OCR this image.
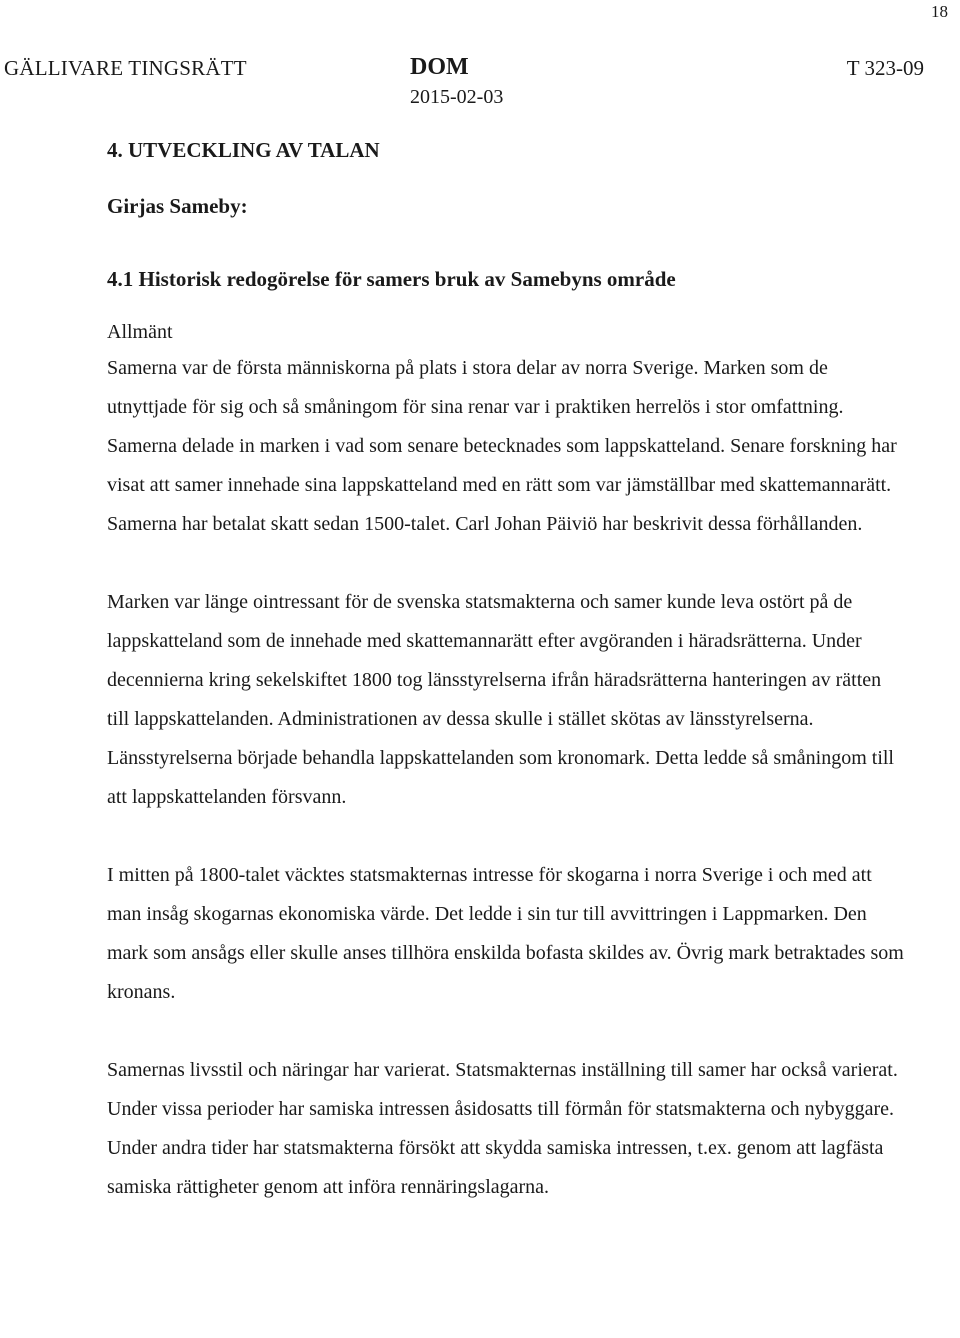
18
GÄLLIVARE TINGSRÄTT	DOM
2015-02-03
T 323-09
4. UTVECKLING AV TALAN
Girjas Sameby:
4.1 Historisk redogörelse för samers bruk av Samebyns område
Allmänt

Samerna var de första människorna på plats i stora delar av norra Sverige. Marken som de utnyttjade för sig och så småningom för sina renar var i praktiken herrelös i stor omfattning. Samerna delade in marken i vad som senare betecknades som lappskatteland. Senare forskning har visat att samer innehade sina lappskatteland med en rätt som var jämställbar med skattemannarätt. Samerna har betalat skatt sedan 1500-talet. Carl Johan Päiviö har beskrivit dessa förhållanden.

Marken var länge ointressant för de svenska statsmakterna och samer kunde leva ostört på de lappskatteland som de innehade med skattemannarätt efter avgöranden i häradsrätterna. Under decennierna kring sekelskiftet 1800 tog länsstyrelserna ifrån häradsrätterna hanteringen av rätten till lappskattelanden. Administrationen av dessa skulle i stället skötas av länsstyrelserna. Länsstyrelserna började behandla lappskattelanden som kronomark. Detta ledde så småningom till att lappskattelanden försvann.

I mitten på 1800-talet väcktes statsmakternas intresse för skogarna i norra Sverige i och med att man insåg skogarnas ekonomiska värde. Det ledde i sin tur till avvittringen i Lappmarken. Den mark som ansågs eller skulle anses tillhöra enskilda bofasta skildes av. Övrig mark betraktades som kronans.

Samernas livsstil och näringar har varierat. Statsmakternas inställning till samer har också varierat. Under vissa perioder har samiska intressen åsidosatts till förmån för statsmakterna och nybyggare. Under andra tider har statsmakterna försökt att skydda samiska intressen, t.ex. genom att lagfästa samiska rättigheter genom att införa rennäringslagarna.
